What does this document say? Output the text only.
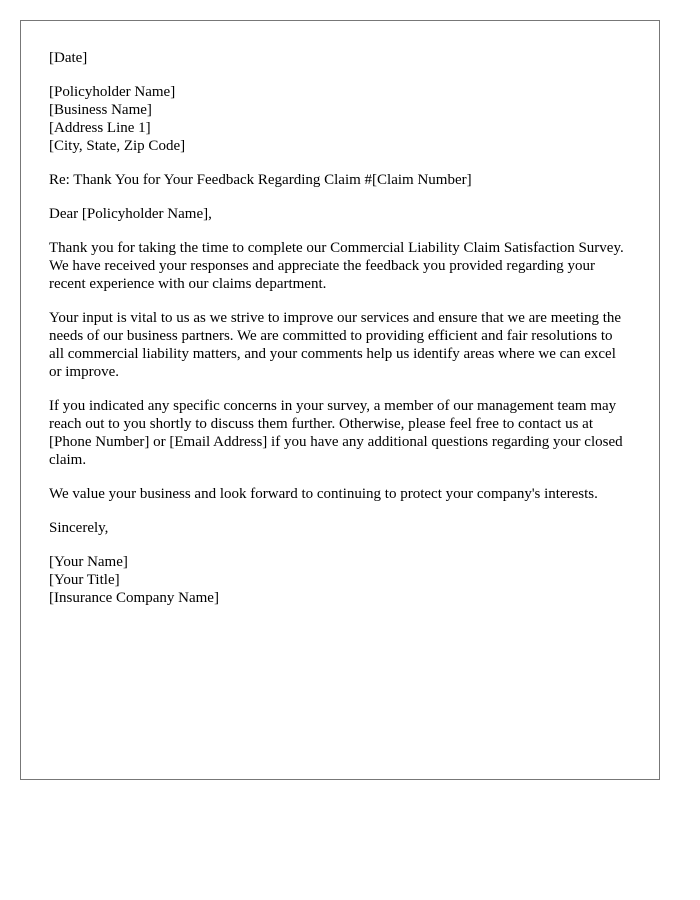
[Date]
[Policyholder Name]
[Business Name]
[Address Line 1]
[City, State, Zip Code]
Re: Thank You for Your Feedback Regarding Claim #[Claim Number]
Dear [Policyholder Name],
Thank you for taking the time to complete our Commercial Liability Claim Satisfaction Survey. We have received your responses and appreciate the feedback you provided regarding your recent experience with our claims department.
Your input is vital to us as we strive to improve our services and ensure that we are meeting the needs of our business partners. We are committed to providing efficient and fair resolutions to all commercial liability matters, and your comments help us identify areas where we can excel or improve.
If you indicated any specific concerns in your survey, a member of our management team may reach out to you shortly to discuss them further. Otherwise, please feel free to contact us at [Phone Number] or [Email Address] if you have any additional questions regarding your closed claim.
We value your business and look forward to continuing to protect your company's interests.
Sincerely,
[Your Name]
[Your Title]
[Insurance Company Name]
